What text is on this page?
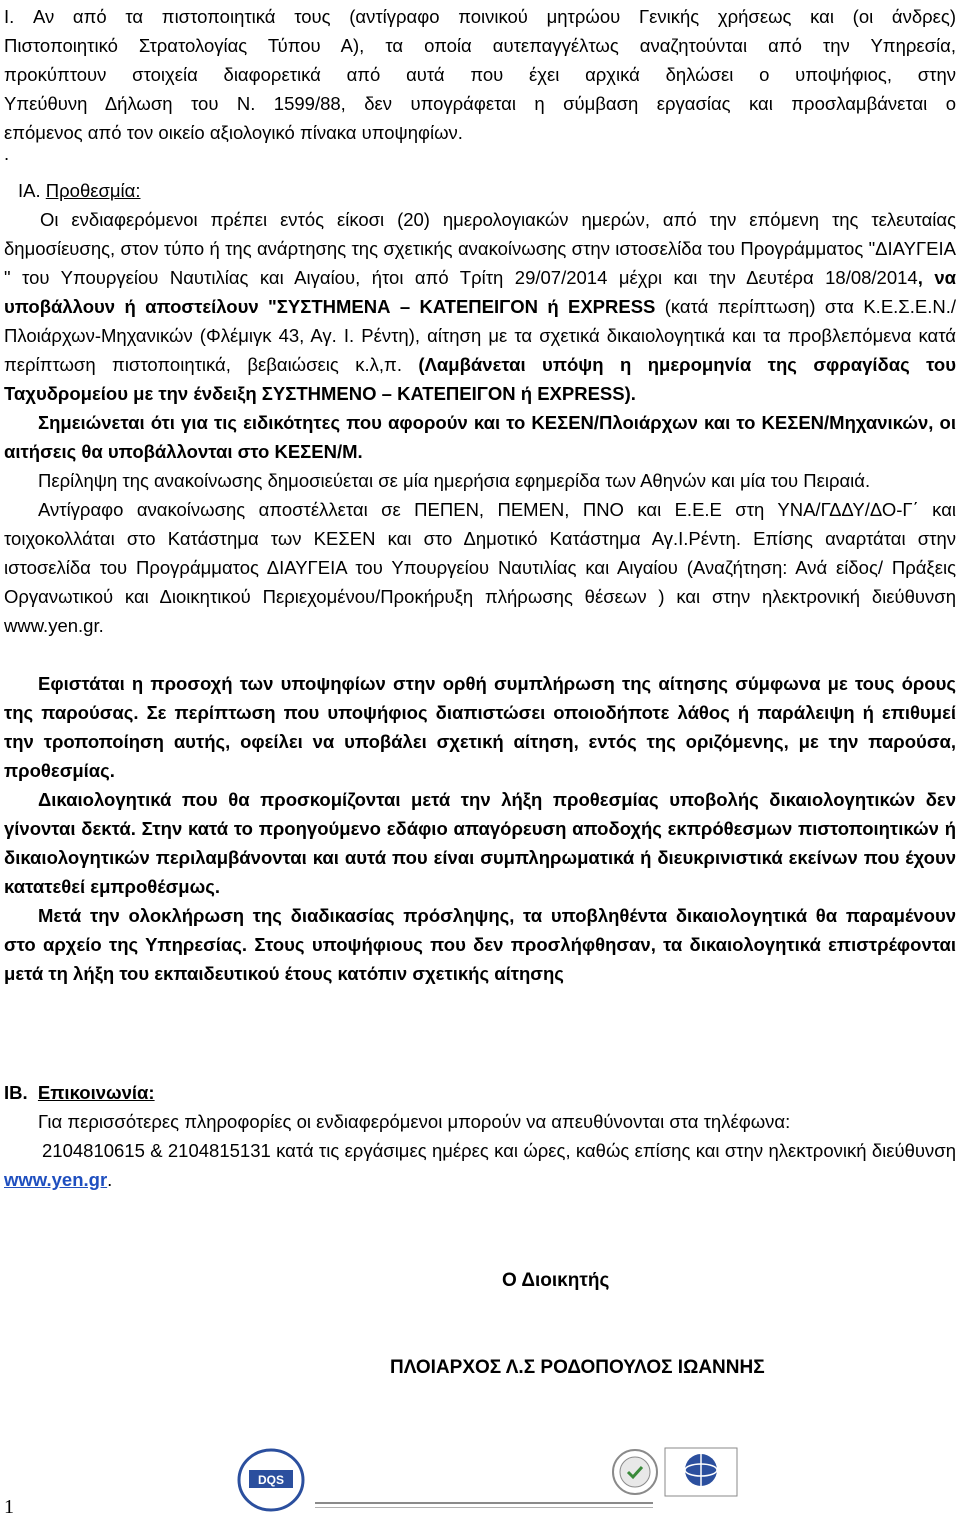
I. Αν από τα πιστοποιητικά τους (αντίγραφο ποινικού μητρώου Γενικής χρήσεως και (οι άνδρες)

Πιστοποιητικό Στρατολογίας Τύπου Α), τα οποία αυτεπαγγέλτως αναζητούνται από την Υπηρεσία,

προκύπτουν στοιχεία διαφορετικά από αυτά που έχει αρχικά δηλώσει ο υποψήφιος, στην

Υπεύθυνη Δήλωση του Ν. 1599/88, δεν υπογράφεται η σύμβαση εργασίας και προσλαμβάνεται ο

επόμενος από τον οικείο αξιολογικό πίνακα υποψηφίων.

.

ΙΑ. Προθεσμία:

Οι ενδιαφερόμενοι πρέπει εντός είκοσι (20) ημερολογιακών ημερών, από την επόμενη της τελευταίας δημοσίευσης, στον τύπο ή της ανάρτησης της σχετικής ανακοίνωσης στην ιστοσελίδα του Προγράμματος "ΔΙΑΥΓΕΙΑ " του Υπουργείου Ναυτιλίας και Αιγαίου, ήτοι από Τρίτη 29/07/2014 μέχρι και την Δευτέρα 18/08/2014, να υποβάλλουν ή αποστείλουν "ΣΥΣΤΗΜΕΝΑ – ΚΑΤΕΠΕΙΓΟΝ ή EXPRESS (κατά περίπτωση) στα Κ.Ε.Σ.Ε.Ν./ Πλοιάρχων-Μηχανικών (Φλέμιγκ 43, Αγ. Ι. Ρέντη), αίτηση με τα σχετικά δικαιολογητικά και τα προβλεπόμενα κατά περίπτωση πιστοποιητικά, βεβαιώσεις κ.λ,π. (Λαμβάνεται υπόψη η ημερομηνία της σφραγίδας του Ταχυδρομείου με την ένδειξη ΣΥΣΤΗΜΕΝΟ – ΚΑΤΕΠΕΙΓΟΝ ή EXPRESS).

Σημειώνεται ότι για τις ειδικότητες που αφορούν και το ΚΕΣΕΝ/Πλοιάρχων και το ΚΕΣΕΝ/Μηχανικών, οι αιτήσεις θα υποβάλλονται στο ΚΕΣΕΝ/Μ.

Περίληψη της ανακοίνωσης δημοσιεύεται σε μία ημερήσια εφημερίδα των Αθηνών και μία του Πειραιά.

Αντίγραφο ανακοίνωσης αποστέλλεται σε ΠΕΠΕΝ, ΠΕΜΕΝ, ΠΝΟ και Ε.Ε.Ε στη ΥΝΑ/ΓΔΔΥ/ΔΟ-Γ΄ και τοιχοκολλάται στο Κατάστημα των ΚΕΣΕΝ και στο Δημοτικό Κατάστημα Αγ.Ι.Ρέντη. Επίσης αναρτάται στην ιστοσελίδα του Προγράμματος ΔΙΑΥΓΕΙΑ του Υπουργείου Ναυτιλίας και Αιγαίου (Αναζήτηση: Ανά είδος/ Πράξεις Οργανωτικού και Διοικητικού Περιεχομένου/Προκήρυξη πλήρωσης θέσεων ) και στην ηλεκτρονική διεύθυνση www.yen.gr.

Εφιστάται η προσοχή των υποψηφίων στην ορθή συμπλήρωση της αίτησης σύμφωνα με τους όρους της παρούσας. Σε περίπτωση που υποψήφιος διαπιστώσει οποιοδήποτε λάθος ή παράλειψη ή επιθυμεί την τροποποίηση αυτής, οφείλει να υποβάλει σχετική αίτηση, εντός της οριζόμενης, με την παρούσα, προθεσμίας.

Δικαιολογητικά που θα προσκομίζονται μετά την λήξη προθεσμίας υποβολής δικαιολογητικών δεν γίνονται δεκτά. Στην κατά το προηγούμενο εδάφιο απαγόρευση αποδοχής εκπρόθεσμων πιστοποιητικών ή δικαιολογητικών περιλαμβάνονται και αυτά που είναι συμπληρωματικά ή διευκρινιστικά εκείνων που έχουν κατατεθεί εμπροθέσμως.

Μετά την ολοκλήρωση της διαδικασίας πρόσληψης, τα υποβληθέντα δικαιολογητικά θα παραμένουν στο αρχείο της Υπηρεσίας. Στους υποψήφιους που δεν προσλήφθησαν, τα δικαιολογητικά επιστρέφονται μετά τη λήξη του εκπαιδευτικού έτους κατόπιν σχετικής αίτησης

ΙΒ. Επικοινωνία:

Για περισσότερες πληροφορίες οι ενδιαφερόμενοι μπορούν να απευθύνονται στα τηλέφωνα:

2104810615 & 2104815131 κατά τις εργάσιμες ημέρες και ώρες, καθώς επίσης και στην ηλεκτρονική διεύθυνση www.yen.gr.

Ο Διοικητής
ΠΛΟΙΑΡΧΟΣ Λ.Σ ΡΟΔΟΠΟΥΛΟΣ ΙΩΑΝΝΗΣ
DQS
1
